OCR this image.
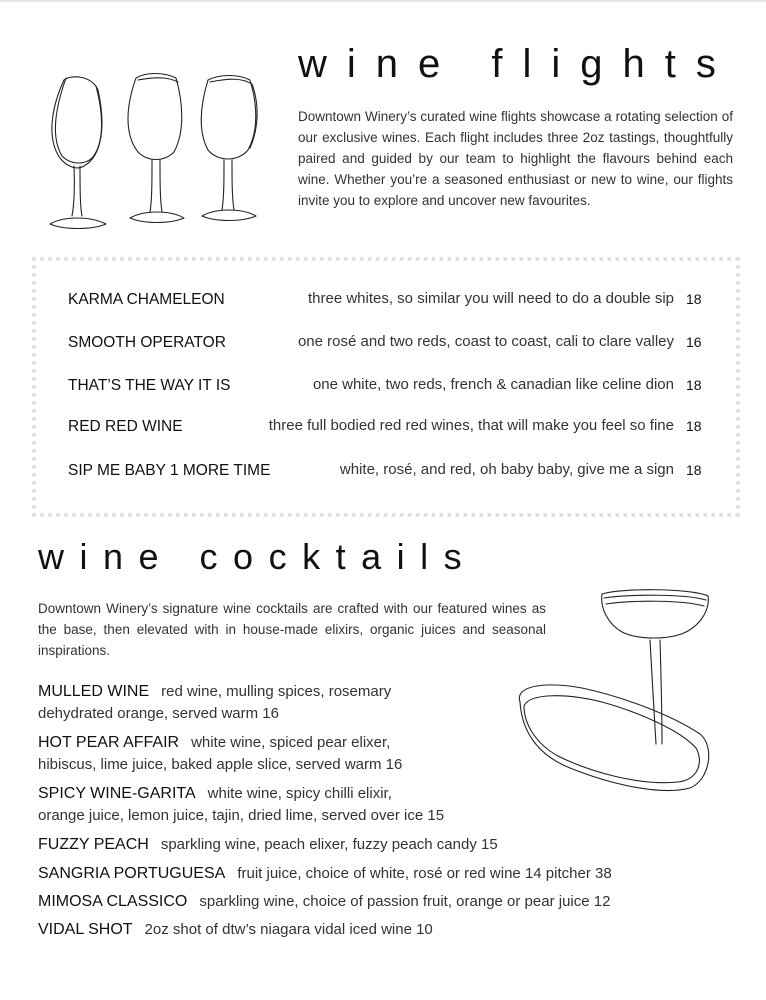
wine flights

Downtown Winery’s curated wine flights showcase a rotating selection of our exclusive wines. Each flight includes three 2oz tastings, thoughtfully paired and guided by our team to highlight the flavours behind each wine. Whether you’re a seasoned enthusiast or new to wine, our flights invite you to explore and uncover new favourites.

KARMA CHAMELEON	three whites, so similar you will need to do a double sip 18
SMOOTH OPERATOR	one rosé and two reds, coast to coast, cali to clare valley 16
THAT’S THE WAY IT IS	one white, two reds, french & canadian like celine dion 18
RED RED WINE	three full bodied red red wines, that will make you feel so fine 18
SIP ME BABY 1 MORE TIME	white, rosé, and red, oh baby baby, give me a sign 18
wine cocktails

Downtown Winery’s signature wine cocktails are crafted with our featured wines as the base, then elevated with in house-made elixirs, organic juices and seasonal inspirations.

MULLED WINE red wine, mulling spices, rosemary
dehydrated orange, served warm 16
HOT PEAR AFFAIR white wine, spiced pear elixer,
hibiscus, lime juice, baked apple slice, served warm 16
SPICY WINE-GARITA white wine, spicy chilli elixir,
orange juice, lemon juice, tajin, dried lime, served over ice 15
FUZZY PEACH sparkling wine, peach elixer, fuzzy peach candy 15
SANGRIA PORTUGUESA fruit juice, choice of white, rosé or red wine 14 pitcher 38
MIMOSA CLASSICO sparkling wine, choice of passion fruit, orange or pear juice 12
VIDAL SHOT 2oz shot of dtw’s niagara vidal iced wine 10
